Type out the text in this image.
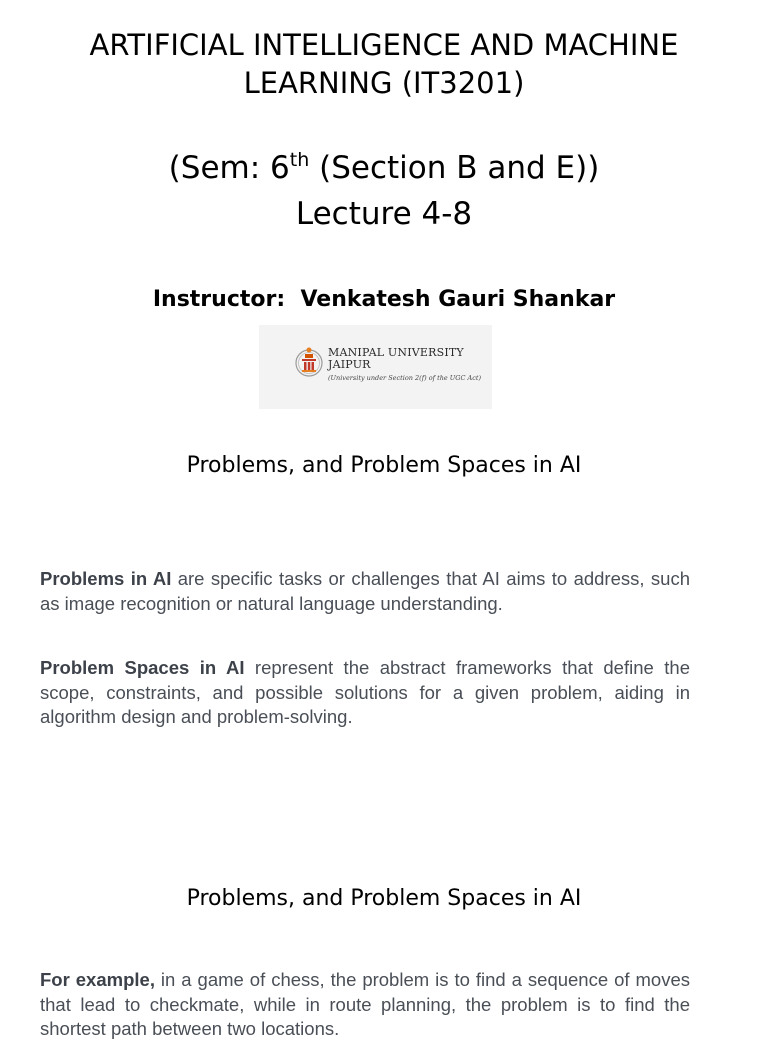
ARTIFICIAL INTELLIGENCE AND MACHINE LEARNING (IT3201)
(Sem: 6th (Section B and E))
Lecture 4-8
Instructor:  Venkatesh Gauri Shankar
MANIPAL UNIVERSITY
JAIPUR
(University under Section 2(f) of the UGC Act)
Problems, and Problem Spaces in AI

Problems in AI are specific tasks or challenges that AI aims to address, such as image recognition or natural language understanding.

Problem Spaces in AI represent the abstract frameworks that define the scope, constraints, and possible solutions for a given problem, aiding in algorithm design and problem-solving.

Problems, and Problem Spaces in AI

For example, in a game of chess, the problem is to find a sequence of moves that lead to checkmate, while in route planning, the problem is to find the shortest path between two locations.
